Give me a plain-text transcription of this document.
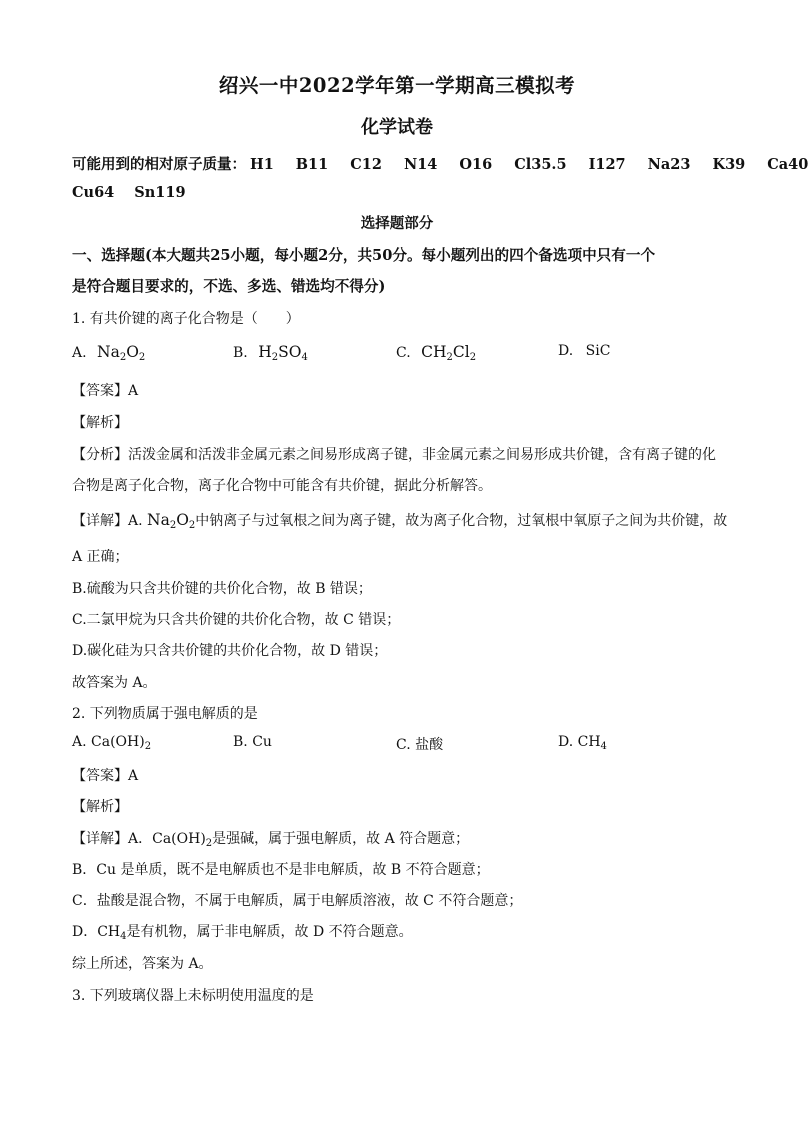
绍兴一中2022学年第一学期高三模拟考
化学试卷
可能用到的相对原子质量： H1 B11 C12 N14 O16 Cl35.5 I127 Na23 K39 Ca40
Cu64 Sn119
选择题部分
一、选择题(本大题共25小题，每小题2分，共50分。每小题列出的四个备选项中只有一个
是符合题目要求的，不选、多选、错选均不得分)
1. 有共价键的离子化合物是（　　）
A. $Na_2O_2$	B. $H_2SO_4$	C. $CH_2Cl_2$	D. SiC
【答案】A
【解析】
【分析】活泼金属和活泼非金属元素之间易形成离子键，非金属元素之间易形成共价键，含有离子键的化
合物是离子化合物，离子化合物中可能含有共价键，据此分析解答。
【详解】A. $Na_2O_2$中钠离子与过氧根之间为离子键，故为离子化合物，过氧根中氧原子之间为共价键，故
A 正确；
B.硫酸为只含共价键的共价化合物，故 B 错误；
C.二氯甲烷为只含共价键的共价化合物，故 C 错误；
D.碳化硅为只含共价键的共价化合物，故 D 错误；
故答案为 A。
2. 下列物质属于强电解质的是
A. $Ca(OH)_2$	B. Cu	C. 盐酸	D. $CH_4$
【答案】A
【解析】
【详解】A．$Ca(OH)_2$是强碱，属于强电解质，故 A 符合题意；
B．Cu 是单质，既不是电解质也不是非电解质，故 B 不符合题意；
C．盐酸是混合物，不属于电解质，属于电解质溶液，故 C 不符合题意；
D．$CH_4$是有机物，属于非电解质，故 D 不符合题意。
综上所述，答案为 A。
3. 下列玻璃仪器上未标明使用温度的是
